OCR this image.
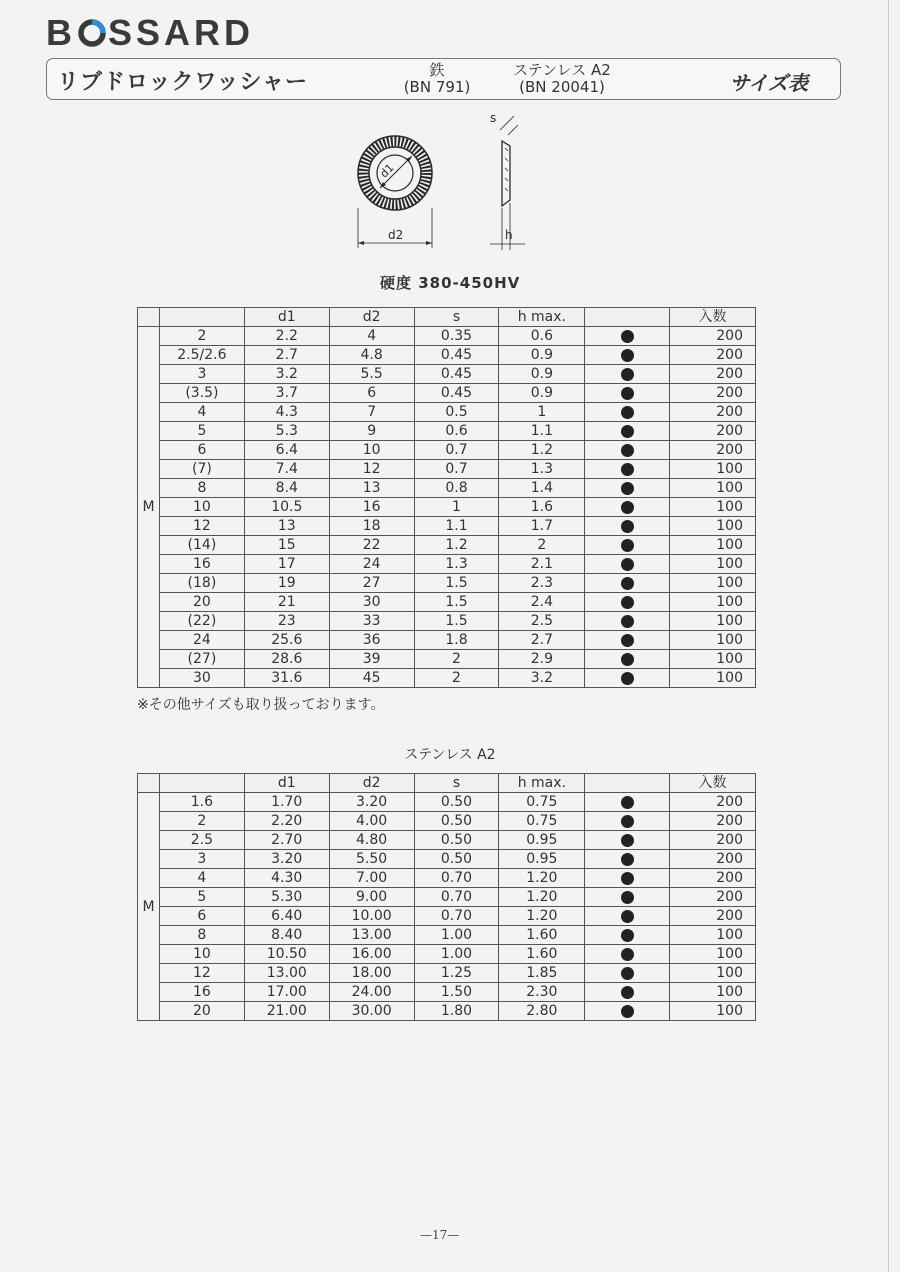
B SSARD
リブドロックワッシャー	鉄
(BN 791)
ステンレス A2
(BN 20041)	サイズ表
d1
d2
s
h
硬度 380-450HV
		d1	d2	s	h max.		入数
M	2	2.2	4	0.35	0.6		200
	2.5/2.6	2.7	4.8	0.45	0.9		200
	3	3.2	5.5	0.45	0.9		200
	(3.5)	3.7	6	0.45	0.9		200
	4	4.3	7	0.5	1		200
	5	5.3	9	0.6	1.1		200
	6	6.4	10	0.7	1.2		200
	(7)	7.4	12	0.7	1.3		100
	8	8.4	13	0.8	1.4		100
	10	10.5	16	1	1.6		100
	12	13	18	1.1	1.7		100
	(14)	15	22	1.2	2		100
	16	17	24	1.3	2.1		100
	(18)	19	27	1.5	2.3		100
	20	21	30	1.5	2.4		100
	(22)	23	33	1.5	2.5		100
	24	25.6	36	1.8	2.7		100
	(27)	28.6	39	2	2.9		100
	30	31.6	45	2	3.2		100
※その他サイズも取り扱っております。
ステンレス A2
		d1	d2	s	h max.		入数
M	1.6	1.70	3.20	0.50	0.75		200
	2	2.20	4.00	0.50	0.75		200
	2.5	2.70	4.80	0.50	0.95		200
	3	3.20	5.50	0.50	0.95		200
	4	4.30	7.00	0.70	1.20		200
	5	5.30	9.00	0.70	1.20		200
	6	6.40	10.00	0.70	1.20		200
	8	8.40	13.00	1.00	1.60		100
	10	10.50	16.00	1.00	1.60		100
	12	13.00	18.00	1.25	1.85		100
	16	17.00	24.00	1.50	2.30		100
	20	21.00	30.00	1.80	2.80		100
—17—
